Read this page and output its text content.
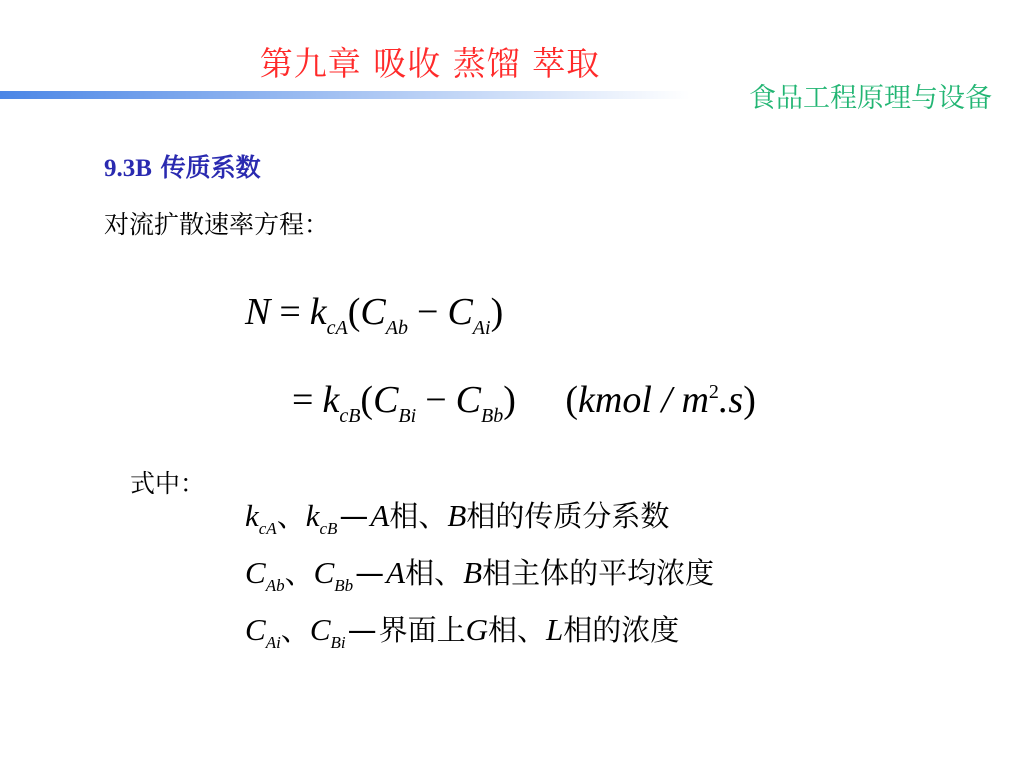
第九章 吸收 蒸馏 萃取
食品工程原理与设备
9.3B 传质系数
对流扩散速率方程：
$N = k_{cA}(C_{Ab} - C_{Ai})$
= $k_{cB}(C_{Bi} - C_{Bb})$ (kmol / $m^2.s$)
式中：
$k_{cA}$、$k_{cB}—A$相、B相的传质分系数
$C_{Ab}$、$C_{Bb}—A$相、B相主体的平均浓度
$C_{Ai}$、$C_{Bi}—$界面上G相、L相的浓度
